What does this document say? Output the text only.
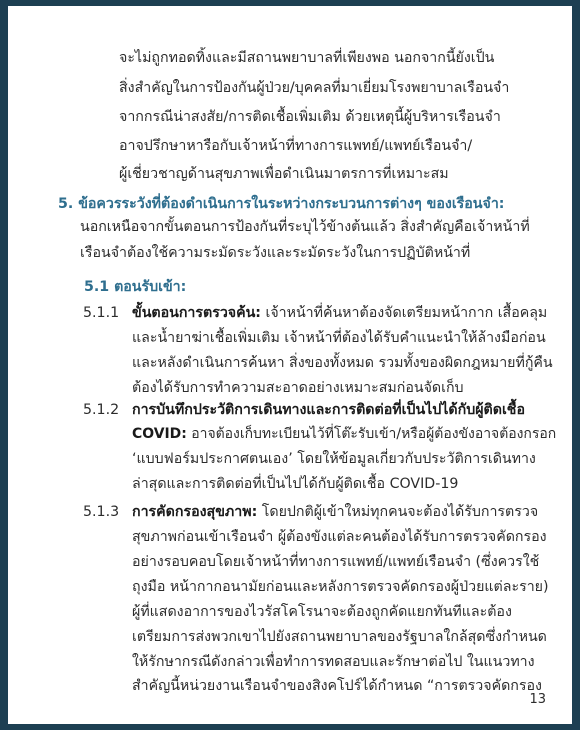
จะไม่ถูกทอดทิ้งและมีสถานพยาบาลที่เพียงพอ นอกจากนี้ยังเป็น
สิ่งสำคัญในการป้องกันผู้ป่วย/บุคคลที่มาเยี่ยมโรงพยาบาลเรือนจำ
จากกรณีน่าสงสัย/การติดเชื้อเพิ่มเติม ด้วยเหตุนี้ผู้บริหารเรือนจำ
อาจปรึกษาหารือกับเจ้าหน้าที่ทางการแพทย์/แพทย์เรือนจำ/
ผู้เชี่ยวชาญด้านสุขภาพเพื่อดำเนินมาตรการที่เหมาะสม
5. ข้อควรระวังที่ต้องดำเนินการในระหว่างกระบวนการต่างๆ ของเรือนจำ:
นอกเหนือจากขั้นตอนการป้องกันที่ระบุไว้ข้างต้นแล้ว สิ่งสำคัญคือเจ้าหน้าที่
เรือนจำต้องใช้ความระมัดระวังและระมัดระวังในการปฏิบัติหน้าที่
5.1 ตอนรับเข้า:
5.1.1 ขั้นตอนการตรวจค้น: เจ้าหน้าที่ค้นหาต้องจัดเตรียมหน้ากาก เสื้อคลุม
และน้ำยาฆ่าเชื้อเพิ่มเติม เจ้าหน้าที่ต้องได้รับคำแนะนำให้ล้างมือก่อน
และหลังดำเนินการค้นหา สิ่งของทั้งหมด รวมทั้งของผิดกฎหมายที่กู้คืน
ต้องได้รับการทำความสะอาดอย่างเหมาะสมก่อนจัดเก็บ
5.1.2 การบันทึกประวัติการเดินทางและการติดต่อที่เป็นไปได้กับผู้ติดเชื้อ
COVID: อาจต้องเก็บทะเบียนไว้ที่โต๊ะรับเข้า/หรือผู้ต้องขังอาจต้องกรอก
‘แบบฟอร์มประกาศตนเอง’ โดยให้ข้อมูลเกี่ยวกับประวัติการเดินทาง
ล่าสุดและการติดต่อที่เป็นไปได้กับผู้ติดเชื้อ COVID-19
5.1.3 การคัดกรองสุขภาพ: โดยปกติผู้เข้าใหม่ทุกคนจะต้องได้รับการตรวจ
สุขภาพก่อนเข้าเรือนจำ ผู้ต้องขังแต่ละคนต้องได้รับการตรวจคัดกรอง
อย่างรอบคอบโดยเจ้าหน้าที่ทางการแพทย์/แพทย์เรือนจำ (ซึ่งควรใช้
ถุงมือ หน้ากากอนามัยก่อนและหลังการตรวจคัดกรองผู้ป่วยแต่ละราย)
ผู้ที่แสดงอาการของไวรัสโคโรนาจะต้องถูกคัดแยกทันทีและต้อง
เตรียมการส่งพวกเขาไปยังสถานพยาบาลของรัฐบาลใกล้สุดซึ่งกำหนด
ให้รักษากรณีดังกล่าวเพื่อทำการทดสอบและรักษาต่อไป ในแนวทาง
สำคัญนี้หน่วยงานเรือนจำของสิงคโปร์ได้กำหนด “การตรวจคัดกรอง
13
